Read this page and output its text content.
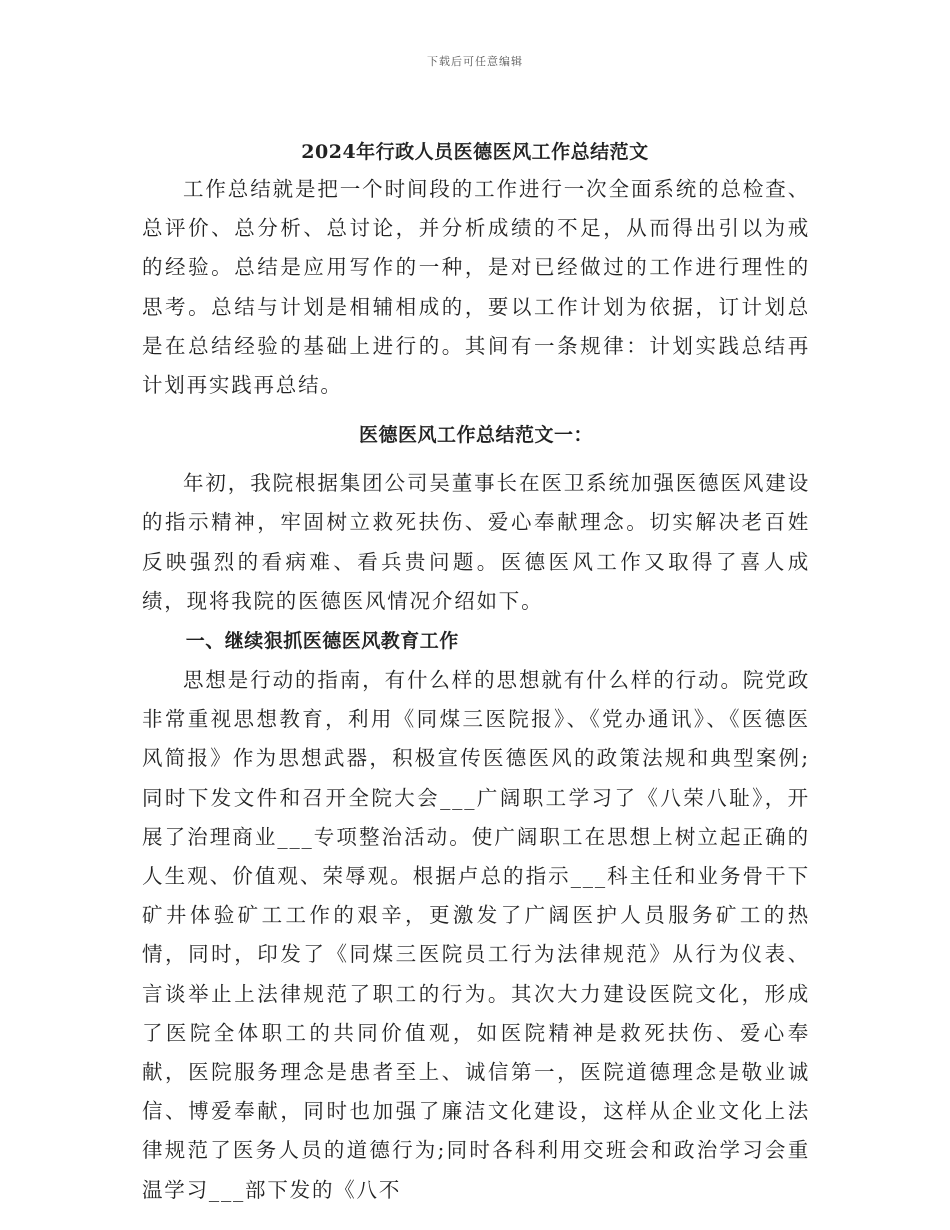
下载后可任意编辑
2024年行政人员医德医风工作总结范文

工作总结就是把一个时间段的工作进行一次全面系统的总检查、总评价、总分析、总讨论，并分析成绩的不足，从而得出引以为戒的经验。总结是应用写作的一种，是对已经做过的工作进行理性的思考。总结与计划是相辅相成的，要以工作计划为依据，订计划总是在总结经验的基础上进行的。其间有一条规律：计划实践总结再计划再实践再总结。

医德医风工作总结范文一：

年初，我院根据集团公司吴董事长在医卫系统加强医德医风建设的指示精神，牢固树立救死扶伤、爱心奉献理念。切实解决老百姓反映强烈的看病难、看兵贵问题。医德医风工作又取得了喜人成绩，现将我院的医德医风情况介绍如下。

一、继续狠抓医德医风教育工作

思想是行动的指南，有什么样的思想就有什么样的行动。院党政非常重视思想教育，利用《同煤三医院报》、《党办通讯》、《医德医风简报》作为思想武器，积极宣传医德医风的政策法规和典型案例;同时下发文件和召开全院大会___广阔职工学习了《八荣八耻》，开展了治理商业___专项整治活动。使广阔职工在思想上树立起正确的人生观、价值观、荣辱观。根据卢总的指示___科主任和业务骨干下矿井体验矿工工作的艰辛，更激发了广阔医护人员服务矿工的热情，同时，印发了《同煤三医院员工行为法律规范》从行为仪表、言谈举止上法律规范了职工的行为。其次大力建设医院文化，形成了医院全体职工的共同价值观，如医院精神是救死扶伤、爱心奉献，医院服务理念是患者至上、诚信第一，医院道德理念是敬业诚信、博爱奉献，同时也加强了廉洁文化建设，这样从企业文化上法律规范了医务人员的道德行为;同时各科利用交班会和政治学习会重温学习___部下发的《八不
